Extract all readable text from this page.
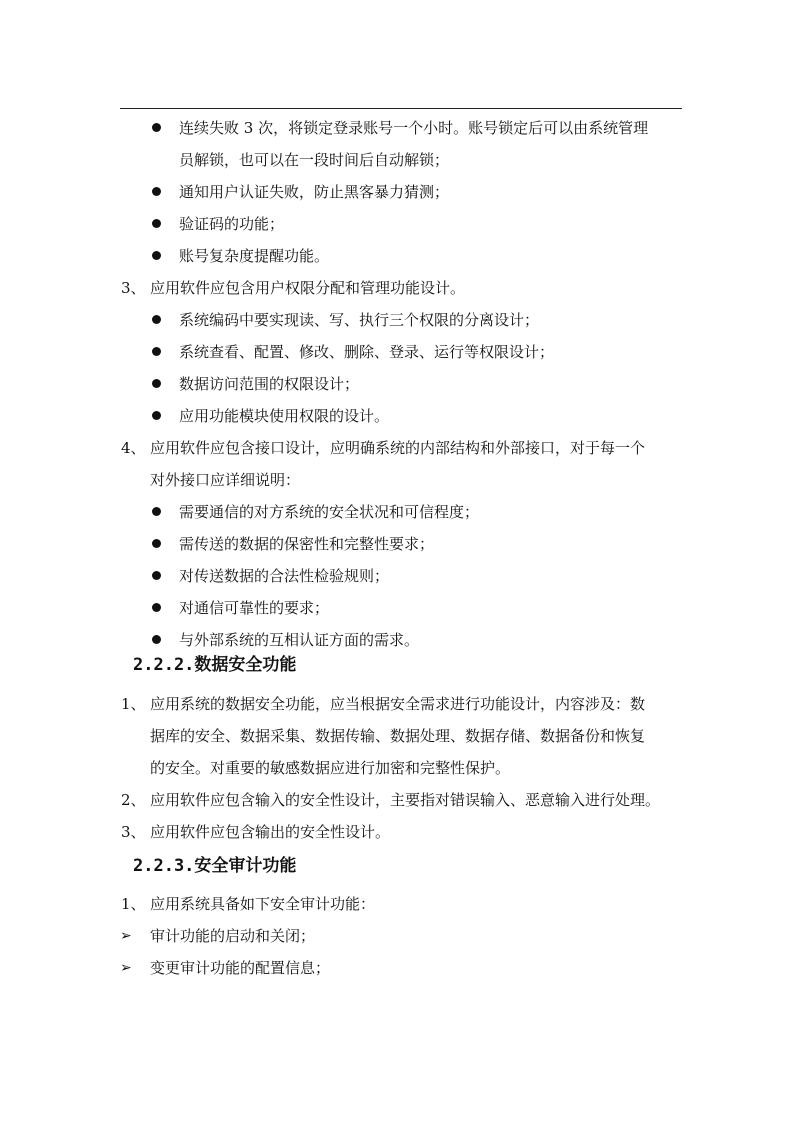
连续失败 3 次，将锁定登录账号一个小时。账号锁定后可以由系统管理
员解锁，也可以在一段时间后自动解锁；
通知用户认证失败，防止黑客暴力猜测；
验证码的功能；
账号复杂度提醒功能。
3、 应用软件应包含用户权限分配和管理功能设计。
系统编码中要实现读、写、执行三个权限的分离设计；
系统查看、配置、修改、删除、登录、运行等权限设计；
数据访问范围的权限设计；
应用功能模块使用权限的设计。
4、 应用软件应包含接口设计，应明确系统的内部结构和外部接口，对于每一个
对外接口应详细说明：
需要通信的对方系统的安全状况和可信程度；
需传送的数据的保密性和完整性要求；
对传送数据的合法性检验规则；
对通信可靠性的要求；
与外部系统的互相认证方面的需求。
2.2.2.数据安全功能
1、 应用系统的数据安全功能，应当根据安全需求进行功能设计，内容涉及：数
据库的安全、数据采集、数据传输、数据处理、数据存储、数据备份和恢复
的安全。对重要的敏感数据应进行加密和完整性保护。
2、 应用软件应包含输入的安全性设计，主要指对错误输入、恶意输入进行处理。
3、 应用软件应包含输出的安全性设计。
2.2.3.安全审计功能
1、 应用系统具备如下安全审计功能：
➢ 审计功能的启动和关闭；
➢ 变更审计功能的配置信息；
